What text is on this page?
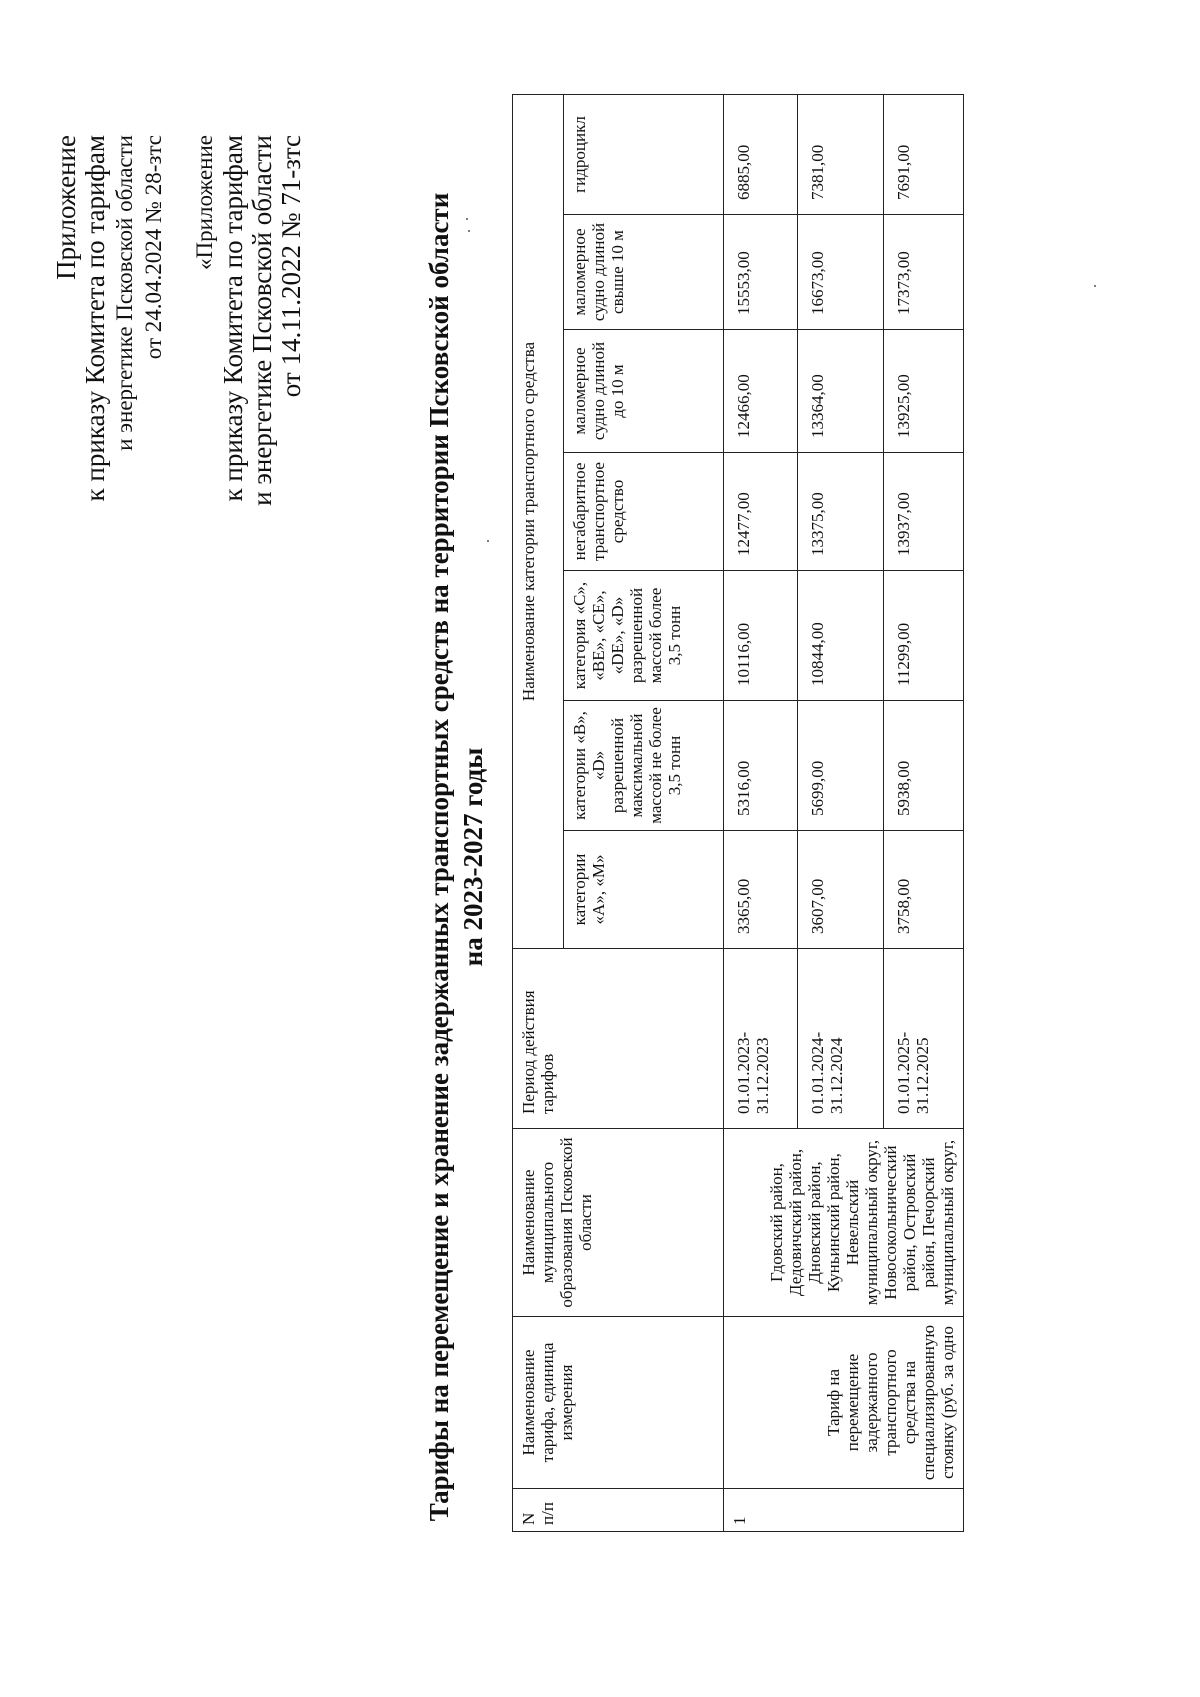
Приложение к приказу Комитета по тарифам и энергетике Псковской области от 24.04.2024 № 28-зтс «Приложение к приказу Комитета по тарифам и энергетике Псковской области от 14.11.2022 № 71-зтс	Тарифы на перемещение и хранение задержанных транспортных средств на территории Псковской области на 2023-2027 годы
N п/п	Наименование тарифа, единица измерения	Наименование муниципального образования Псковской области	Период действия тарифов	Наименование категории транспортного средства						
				категории «А», «М»	категории «В», «D» разрешенной максимальной массой не более 3,5 тонн	категория «С», «ВЕ», «СЕ», «DЕ», «D» разрешенной массой более 3,5 тонн	негабаритное транспортное средство	маломерное судно длиной до 10 м	маломерное судно длиной свыше 10 м	гидроцикл
1	Тариф на перемещение задержанного транспортного средства на специализированную стоянку (руб. за одно	Гдовский район, Дедовичский район, Дновский район, Куньинский район, Невельский муниципальный округ, Новосокольнический район, Островский район, Печорский муниципальный округ,	01.01.2023- 31.12.2023	3365,00	5316,00	10116,00	12477,00	12466,00	15553,00	6885,00

			01.01.2024- 31.12.2024	3607,00	5699,00	10844,00	13375,00	13364,00	16673,00	7381,00

			01.01.2025- 31.12.2025	3758,00	5938,00	11299,00	13937,00	13925,00	17373,00	7691,00
